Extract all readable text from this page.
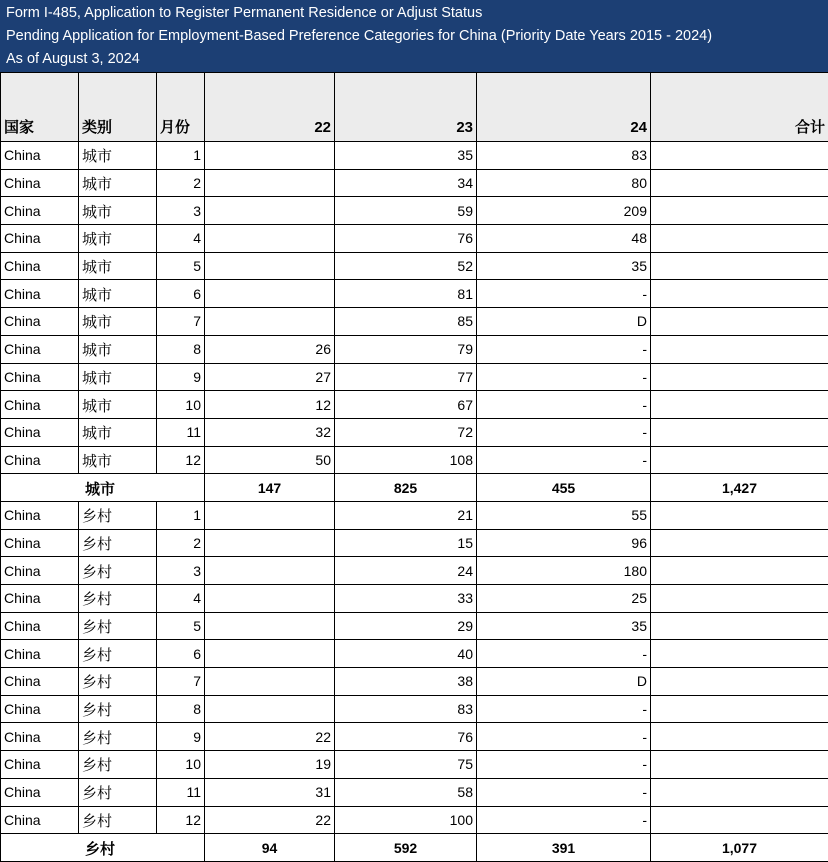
Form I-485, Application to Register Permanent Residence or Adjust Status
Pending Application for Employment-Based Preference Categories for China (Priority Date Years 2015 - 2024)
As of August 3, 2024
国家	类别	月份	22	23	24	合计
China	城市	1		35	83	
China	城市	2		34	80	
China	城市	3		59	209	
China	城市	4		76	48	
China	城市	5		52	35	
China	城市	6		81	-	
China	城市	7		85	D	
China	城市	8	26	79	-	
China	城市	9	27	77	-	
China	城市	10	12	67	-	
China	城市	11	32	72	-	
China	城市	12	50	108	-	
城市			147	825	455	1,427
China	乡村	1		21	55	
China	乡村	2		15	96	
China	乡村	3		24	180	
China	乡村	4		33	25	
China	乡村	5		29	35	
China	乡村	6		40	-	
China	乡村	7		38	D	
China	乡村	8		83	-	
China	乡村	9	22	76	-	
China	乡村	10	19	75	-	
China	乡村	11	31	58	-	
China	乡村	12	22	100	-	
乡村			94	592	391	1,077
